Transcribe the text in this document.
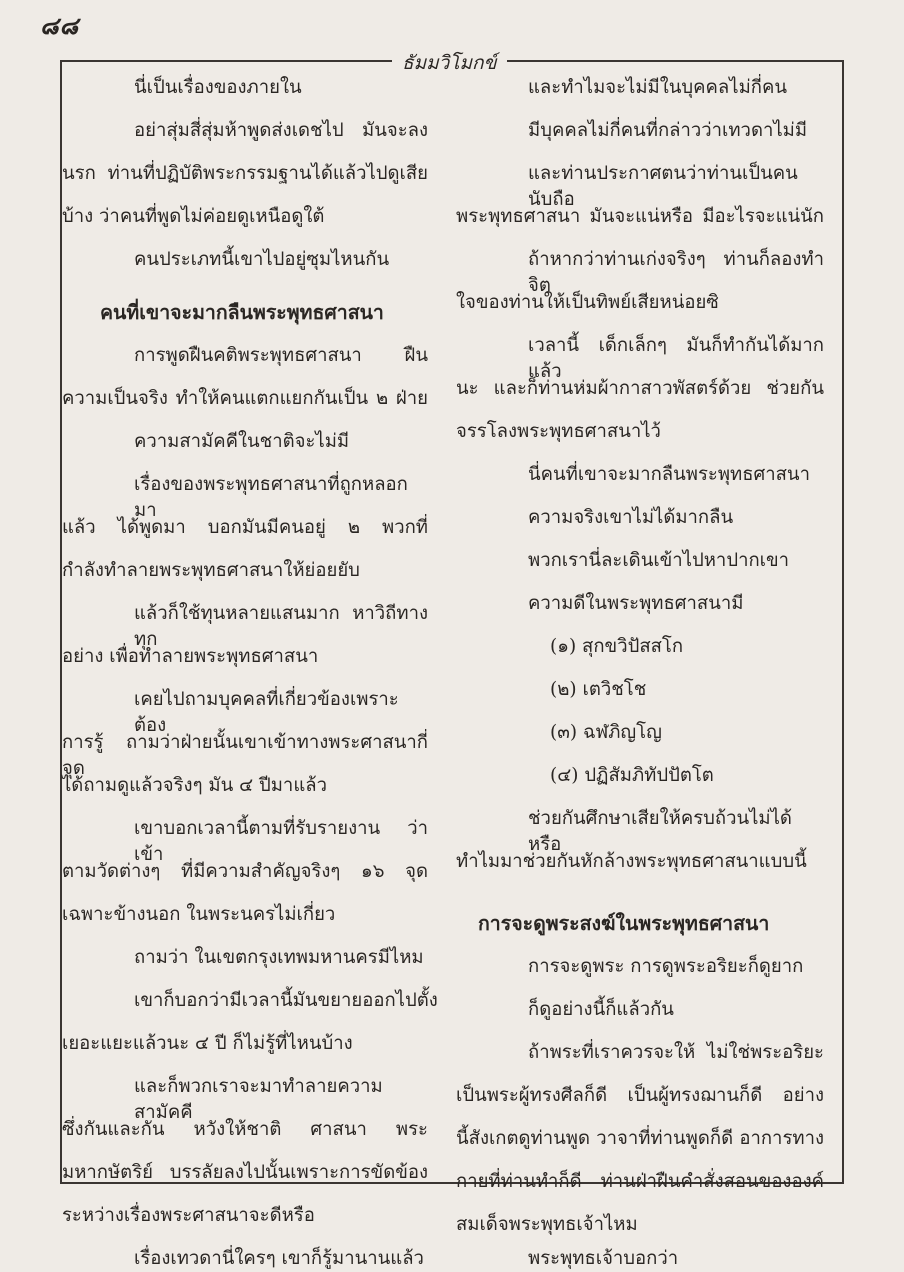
๘๘
ธัมมวิโมกข์
นี่เป็นเรื่องของภายใน
อย่าสุ่มสี่สุ่มห้าพูดส่งเดชไป มันจะลง
นรก ท่านที่ปฏิบัติพระกรรมฐานได้แล้วไปดูเสีย
บ้าง ว่าคนที่พูดไม่ค่อยดูเหนือดูใต้
คนประเภทนี้เขาไปอยู่ซุมไหนกัน
คนที่เขาจะมากลืนพระพุทธศาสนา
การพูดฝืนคติพระพุทธศาสนา ฝืน
ความเป็นจริง ทำให้คนแตกแยกกันเป็น ๒ ฝ่าย
ความสามัคคีในชาติจะไม่มี
เรื่องของพระพุทธศาสนาที่ถูกหลอกมา
แล้ว ได้พูดมา บอกมันมีคนอยู่ ๒ พวกที่
กำลังทำลายพระพุทธศาสนาให้ย่อยยับ
แล้วก็ใช้ทุนหลายแสนมาก หาวิถีทางทุก
อย่าง เพื่อทำลายพระพุทธศาสนา
เคยไปถามบุคคลที่เกี่ยวข้องเพราะต้อง
การรู้ ถามว่าฝ่ายนั้นเขาเข้าทางพระศาสนากี่จุด
ได้ถามดูแล้วจริงๆ มัน ๔ ปีมาแล้ว
เขาบอกเวลานี้ตามที่รับรายงาน ว่าเข้า
ตามวัดต่างๆ ที่มีความสำคัญจริงๆ ๑๖ จุด
เฉพาะข้างนอก ในพระนครไม่เกี่ยว
ถามว่า ในเขตกรุงเทพมหานครมีไหม
เขาก็บอกว่ามีเวลานี้มันขยายออกไปตั้ง
เยอะแยะแล้วนะ ๔ ปี ก็ไม่รู้ที่ไหนบ้าง
และก็พวกเราจะมาทำลายความสามัคคี
ซึ่งกันและกัน หวังให้ชาติ ศาสนา พระ
มหากษัตริย์ บรรลัยลงไปนั้นเพราะการขัดข้อง
ระหว่างเรื่องพระศาสนาจะดีหรือ
เรื่องเทวดานี่ใครๆ เขาก็รู้มานานแล้ว
และทำไมจะไม่มีในบุคคลไม่กี่คน
มีบุคคลไม่กี่คนที่กล่าวว่าเทวดาไม่มี
และท่านประกาศตนว่าท่านเป็นคนนับถือ
พระพุทธศาสนา มันจะแน่หรือ มีอะไรจะแน่นัก
ถ้าหากว่าท่านเก่งจริงๆ ท่านก็ลองทำจิต
ใจของท่านให้เป็นทิพย์เสียหน่อยซิ
เวลานี้ เด็กเล็กๆ มันก็ทำกันได้มากแล้ว
นะ และก็ท่านห่มผ้ากาสาวพัสตร์ด้วย ช่วยกัน
จรรโลงพระพุทธศาสนาไว้
นี่คนที่เขาจะมากลืนพระพุทธศาสนา
ความจริงเขาไม่ได้มากลืน
พวกเรานี่ละเดินเข้าไปหาปากเขา
ความดีในพระพุทธศาสนามี
(๑) สุกขวิปัสสโก
(๒) เตวิชโช
(๓) ฉฬภิญโญ
(๔) ปฏิสัมภิทัปปัตโต
ช่วยกันศึกษาเสียให้ครบถ้วนไม่ได้หรือ
ทำไมมาช่วยกันหักล้างพระพุทธศาสนาแบบนี้
การจะดูพระสงฆ์ในพระพุทธศาสนา
การจะดูพระ การดูพระอริยะก็ดูยาก
ก็ดูอย่างนี้ก็แล้วกัน
ถ้าพระที่เราควรจะให้ ไม่ใช่พระอริยะ
เป็นพระผู้ทรงศีลก็ดี เป็นผู้ทรงฌานก็ดี อย่าง
นี้สังเกตดูท่านพูด วาจาที่ท่านพูดก็ดี อาการทาง
กายที่ท่านทำก็ดี ท่านฝ่าฝืนคำสั่งสอนขององค์
สมเด็จพระพุทธเจ้าไหม
พระพุทธเจ้าบอกว่า
